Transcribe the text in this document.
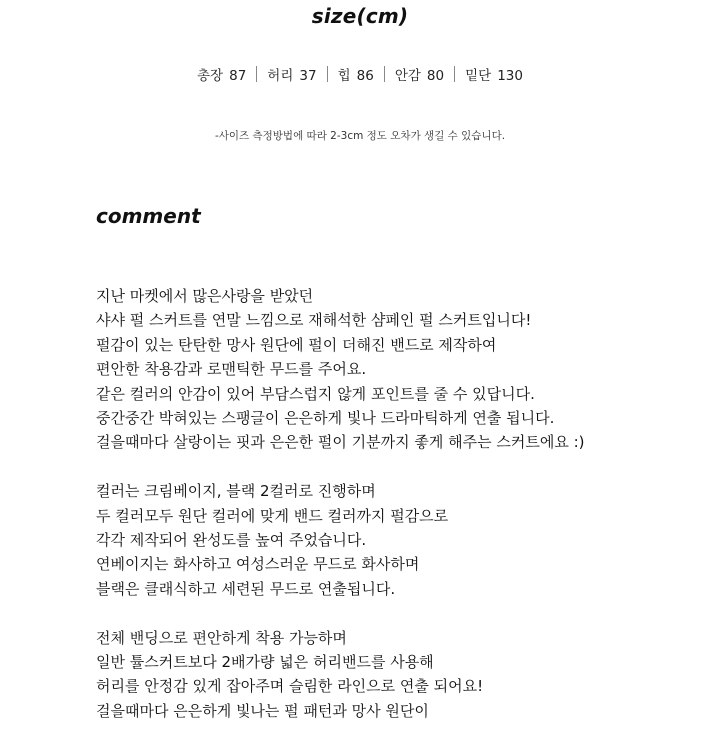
size(cm)
총장 87	허리 37	힙 86	안감 80	밑단 130
-사이즈 측정방법에 따라 2-3cm 정도 오차가 생길 수 있습니다.
comment
지난 마켓에서 많은사랑을 받았던
샤샤 펄 스커트를 연말 느낌으로 재해석한 샴페인 펄 스커트입니다!
펄감이 있는 탄탄한 망사 원단에 펄이 더해진 밴드로 제작하여
편안한 착용감과 로맨틱한 무드를 주어요.
같은 컬러의 안감이 있어 부담스럽지 않게 포인트를 줄 수 있답니다.
중간중간 박혀있는 스팽글이 은은하게 빛나 드라마틱하게 연출 됩니다.
걸을때마다 살랑이는 핏과 은은한 펄이 기분까지 좋게 해주는 스커트에요 :)
컬러는 크림베이지, 블랙 2컬러로 진행하며
두 컬러모두 원단 컬러에 맞게 밴드 컬러까지 펄감으로
각각 제작되어 완성도를 높여 주었습니다.
연베이지는 화사하고 여성스러운 무드로 화사하며
블랙은 클래식하고 세련된 무드로 연출됩니다.
전체 밴딩으로 편안하게 착용 가능하며
일반 튤스커트보다 2배가량 넓은 허리밴드를 사용해
허리를 안정감 있게 잡아주며 슬림한 라인으로 연출 되어요!
걸을때마다 은은하게 빛나는 펄 패턴과 망사 원단이
